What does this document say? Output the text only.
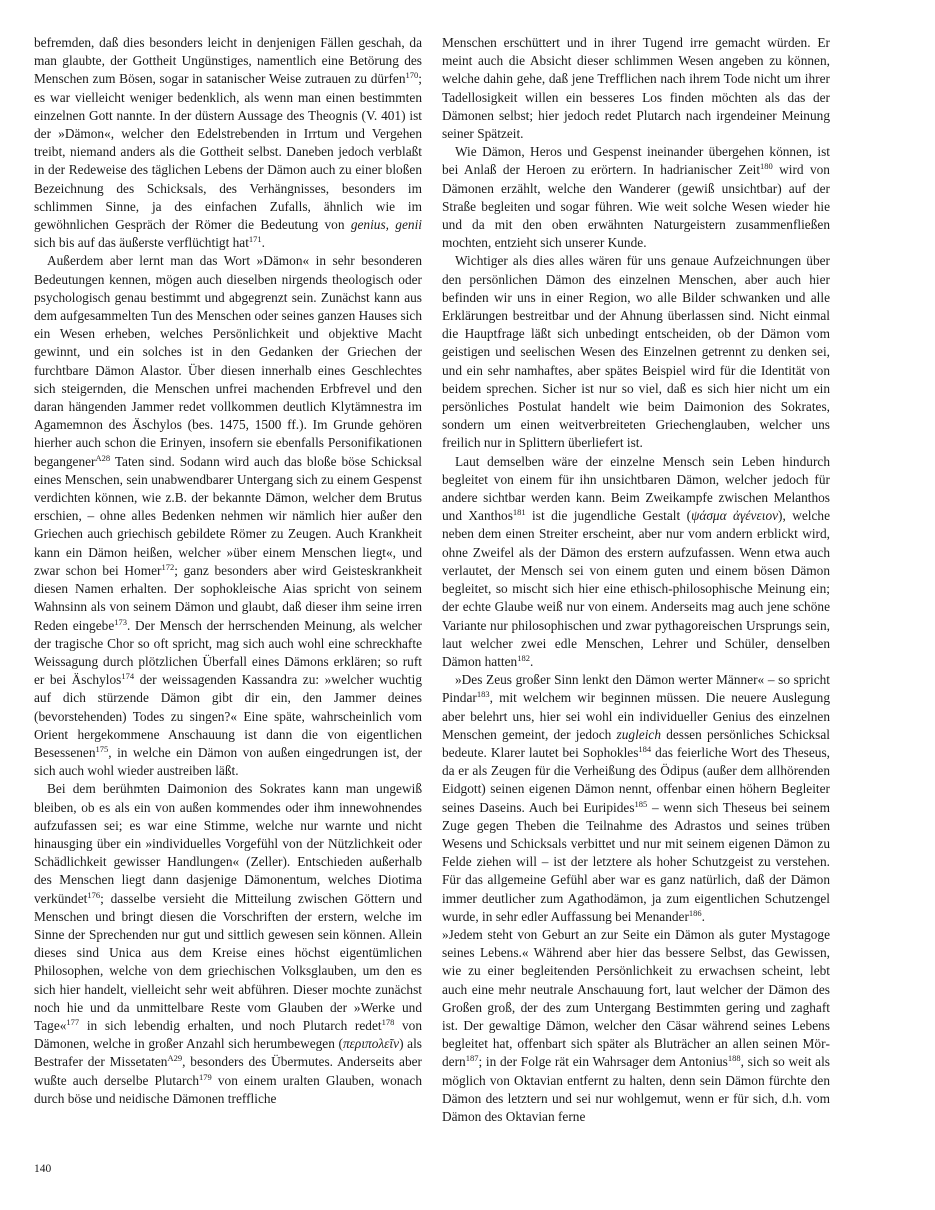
befremden, daß dies besonders leicht in denjenigen Fällen geschah, da man glaubte, der Gottheit Ungünstiges, namentlich eine Betörung des Menschen zum Bösen, sogar in satanischer Weise zutrauen zu dürfen$^{170}$; es war vielleicht weniger bedenklich, als wenn man einen bestimmten einzelnen Gott nannte. In der düstern Aussage des Theognis (V. 401) ist der »Dämon«, welcher den Edelstrebenden in Irrtum und Vergehen treibt, niemand anders als die Gottheit selbst. Daneben jedoch verblaßt in der Redeweise des täglichen Lebens der Dämon auch zu einer bloßen Bezeichnung des Schicksals, des Verhängnisses, besonders im schlimmen Sinne, ja des einfachen Zufalls, ähnlich wie im gewöhnlichen Gespräch der Römer die Bedeutung von genius, genii sich bis auf das äußerste verflüchtigt hat$^{171}$.

Außerdem aber lernt man das Wort »Dämon« in sehr besonderen Bedeutungen kennen, mögen auch dieselben nirgends theologisch oder psychologisch genau bestimmt und abgegrenzt sein. Zunächst kann aus dem aufgesammelten Tun des Menschen oder seines ganzen Hauses sich ein Wesen erheben, welches Persönlichkeit und objektive Macht gewinnt, und ein solches ist in den Gedanken der Griechen der furchtbare Dämon Alastor. Über diesen innerhalb eines Geschlechtes sich steigernden, die Menschen unfrei machenden Erbfrevel und den daran hängenden Jammer redet vollkommen deutlich Klytämnestra im Agamemnon des Äschylos (bes. 1475, 1500 ff.). Im Grunde gehören hierher auch schon die Erinyen, insofern sie ebenfalls Personifikationen begangener$^{A28}$ Taten sind. Sodann wird auch das bloße böse Schicksal eines Menschen, sein unabwendbarer Untergang sich zu einem Gespenst verdichten können, wie z.B. der bekannte Dämon, welcher dem Brutus erschien, – ohne alles Bedenken nehmen wir nämlich hier außer den Griechen auch griechisch gebildete Römer zu Zeugen. Auch Krankheit kann ein Dämon heißen, welcher »über einem Menschen liegt«, und zwar schon bei Homer$^{172}$; ganz besonders aber wird Geisteskrankheit diesen Namen erhalten. Der sophokleische Aias spricht von seinem Wahnsinn als von seinem Dämon und glaubt, daß dieser ihm seine irren Reden eingebe$^{173}$. Der Mensch der herrschenden Meinung, als welcher der tragische Chor so oft spricht, mag sich auch wohl eine schreckhafte Weissagung durch plötzlichen Überfall eines Dämons erklären; so ruft er bei Äschylos$^{174}$ der weissagenden Kassandra zu: »welcher wuchtig auf dich stürzende Dämon gibt dir ein, den Jammer deines (bevorstehenden) Todes zu singen?« Eine späte, wahrscheinlich vom Orient hergekommene Anschauung ist dann die von eigentlichen Besessenen$^{175}$, in welche ein Dämon von außen eingedrungen ist, der sich auch wohl wieder austreiben läßt.

Bei dem berühmten Daimonion des Sokrates kann man ungewiß bleiben, ob es als ein von außen kommendes oder ihm innewohnendes aufzufassen sei; es war eine Stimme, welche nur warnte und nicht hinausging über ein »individuelles Vorgefühl von der Nützlichkeit oder Schädlichkeit gewisser Handlungen« (Zeller). Entschieden außerhalb des Menschen liegt dann dasjenige Dämonentum, welches Diotima verkündet$^{176}$; dasselbe versieht die Mitteilung zwischen Göttern und Menschen und bringt diesen die Vorschriften der erstern, welche im Sinne der Sprechenden nur gut und sittlich gewesen sein können. Allein dieses sind Unica aus dem Kreise eines höchst eigentümlichen Philosophen, welche von dem griechischen Volksglauben, um den es sich hier handelt, vielleicht sehr weit abführen. Dieser mochte zunächst noch hie und da unmittelbare Reste vom Glauben der »Werke und Tage«$^{177}$ in sich lebendig erhalten, und noch Plutarch redet$^{178}$ von Dämonen, welche in großer Anzahl sich herumbewegen (περιπολεῖν) als Bestrafer der Missetaten$^{A29}$, besonders des Übermutes. Anderseits aber wußte auch derselbe Plutarch$^{179}$ von einem uralten Glauben, wonach durch böse und neidische Dämonen treffliche

Menschen erschüttert und in ihrer Tugend irre gemacht würden. Er meint auch die Absicht dieser schlimmen Wesen angeben zu können, welche dahin gehe, daß jene Trefflichen nach ihrem Tode nicht um ihrer Tadellosigkeit willen ein besseres Los finden möchten als das der Dämonen selbst; hier jedoch redet Plutarch nach irgendeiner Meinung seiner Spätzeit.

Wie Dämon, Heros und Gespenst ineinander übergehen können, ist bei Anlaß der Heroen zu erörtern. In hadrianischer Zeit$^{180}$ wird von Dämonen erzählt, welche den Wanderer (gewiß unsichtbar) auf der Straße begleiten und sogar führen. Wie weit solche Wesen wieder hie und da mit den oben erwähnten Naturgeistern zusammenfließen mochten, entzieht sich unserer Kunde.

Wichtiger als dies alles wären für uns genaue Aufzeichnungen über den persönlichen Dämon des einzelnen Menschen, aber auch hier befinden wir uns in einer Region, wo alle Bilder schwanken und alle Erklärungen bestreitbar und der Ahnung überlassen sind. Nicht einmal die Hauptfrage läßt sich unbedingt entscheiden, ob der Dämon vom geistigen und seelischen Wesen des Einzelnen getrennt zu denken sei, und ein sehr namhaftes, aber spätes Beispiel wird für die Identität von beidem sprechen. Sicher ist nur so viel, daß es sich hier nicht um ein persönliches Postulat handelt wie beim Daimonion des Sokrates, sondern um einen weitverbreiteten Griechenglauben, welcher uns freilich nur in Splittern überliefert ist.

Laut demselben wäre der einzelne Mensch sein Leben hindurch begleitet von einem für ihn unsichtbaren Dämon, welcher jedoch für andere sichtbar werden kann. Beim Zweikampfe zwischen Melanthos und Xanthos$^{181}$ ist die jugendliche Gestalt (ψάσμα ἀγένειον), welche neben dem einen Streiter erscheint, aber nur vom andern erblickt wird, ohne Zweifel als der Dämon des erstern aufzufassen. Wenn etwa auch verlautet, der Mensch sei von einem guten und einem bösen Dämon begleitet, so mischt sich hier eine ethisch-philosophische Meinung ein; der echte Glaube weiß nur von einem. Anderseits mag auch jene schöne Variante nur philosophischen und zwar pythagoreischen Ursprungs sein, laut welcher zwei edle Menschen, Lehrer und Schüler, denselben Dämon hatten$^{182}$.

»Des Zeus großer Sinn lenkt den Dämon werter Männer« – so spricht Pindar$^{183}$, mit welchem wir beginnen müssen. Die neuere Auslegung aber belehrt uns, hier sei wohl ein individueller Genius des einzelnen Menschen gemeint, der jedoch zugleich dessen persönliches Schicksal bedeute. Klarer lautet bei Sophokles$^{184}$ das feierliche Wort des Theseus, da er als Zeugen für die Verheißung des Ödipus (außer dem allhörenden Eidgott) seinen eigenen Dämon nennt, offenbar einen höhern Begleiter seines Daseins. Auch bei Euripides$^{185}$ – wenn sich Theseus bei seinem Zuge gegen Theben die Teilnahme des Adrastos und seines trüben Wesens und Schicksals verbittet und nur mit seinem eigenen Dämon zu Felde ziehen will – ist der letztere als hoher Schutzgeist zu verstehen. Für das allgemeine Gefühl aber war es ganz natürlich, daß der Dämon immer deutlicher zum Agathodämon, ja zum eigentlichen Schutzengel wurde, in sehr edler Auffassung bei Menander$^{186}$.

»Jedem steht von Geburt an zur Seite ein Dämon als guter Mystagoge seines Lebens.« Während aber hier das bessere Selbst, das Gewissen, wie zu einer begleitenden Persönlichkeit zu erwachsen scheint, lebt auch eine mehr neutrale Anschauung fort, laut welcher der Dämon des Großen groß, der des zum Untergang Bestimmten gering und zaghaft ist. Der gewaltige Dämon, welcher den Cäsar während seines Lebens begleitet hat, offenbart sich später als Bluträcher an allen seinen Mördern$^{187}$; in der Folge rät ein Wahrsager dem Antonius$^{188}$, sich so weit als möglich von Oktavian entfernt zu halten, denn sein Dämon fürchte den Dämon des letztern und sei nur wohlgemut, wenn er für sich, d.h. vom Dämon des Oktavian ferne

140
